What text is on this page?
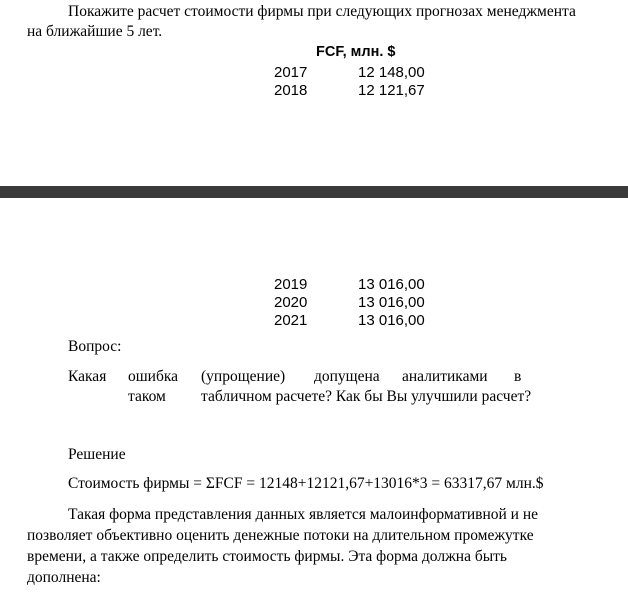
Покажите расчет стоимости фирмы при следующих прогнозах менеджмента
на ближайшие 5 лет.
FCF, млн. $
2017	12 148,00
2018	12 121,67
2019	13 016,00
2020	13 016,00
2021	13 016,00
Вопрос:
Какая ошибка (упрощение) допущена аналитиками в
таком табличном расчете? Как бы Вы улучшили расчет?
Решение
Стоимость фирмы = ΣFCF = 12148+12121,67+13016*3 = 63317,67 млн.$
Такая форма представления данных является малоинформативной и не
позволяет объективно оценить денежные потоки на длительном промежутке
времени, а также определить стоимость фирмы. Эта форма должна быть
дополнена:
